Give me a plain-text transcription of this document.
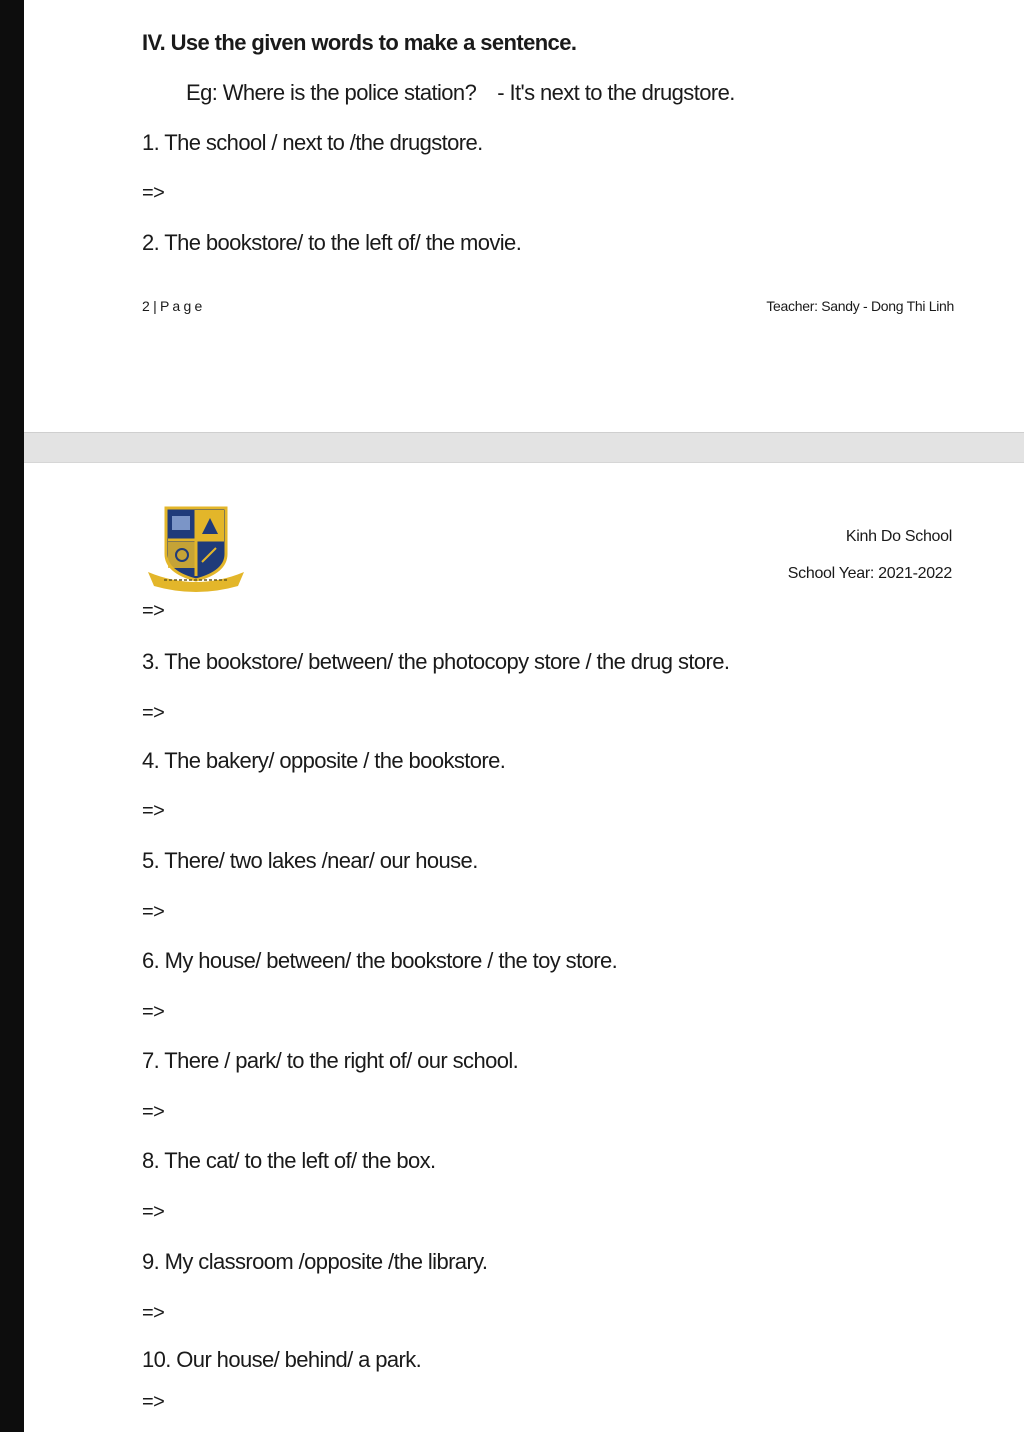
IV. Use the given words to make a sentence.
Eg: Where is the police station? - It's next to the drugstore.
1. The school / next to /the drugstore.
=>
2. The bookstore/ to the left of/ the movie.
2 | P a g e	Teacher: Sandy - Dong Thi Linh
Kinh Do School
School Year: 2021-2022
=>
3. The bookstore/ between/ the photocopy store / the drug store.
=>
4. The bakery/ opposite / the bookstore.
=>
5. There/ two lakes /near/ our house.
=>
6. My house/ between/ the bookstore / the toy store.
=>
7. There / park/ to the right of/ our school.
=>
8. The cat/ to the left of/ the box.
=>
9. My classroom /opposite /the library.
=>
10. Our house/ behind/ a park.
=>
